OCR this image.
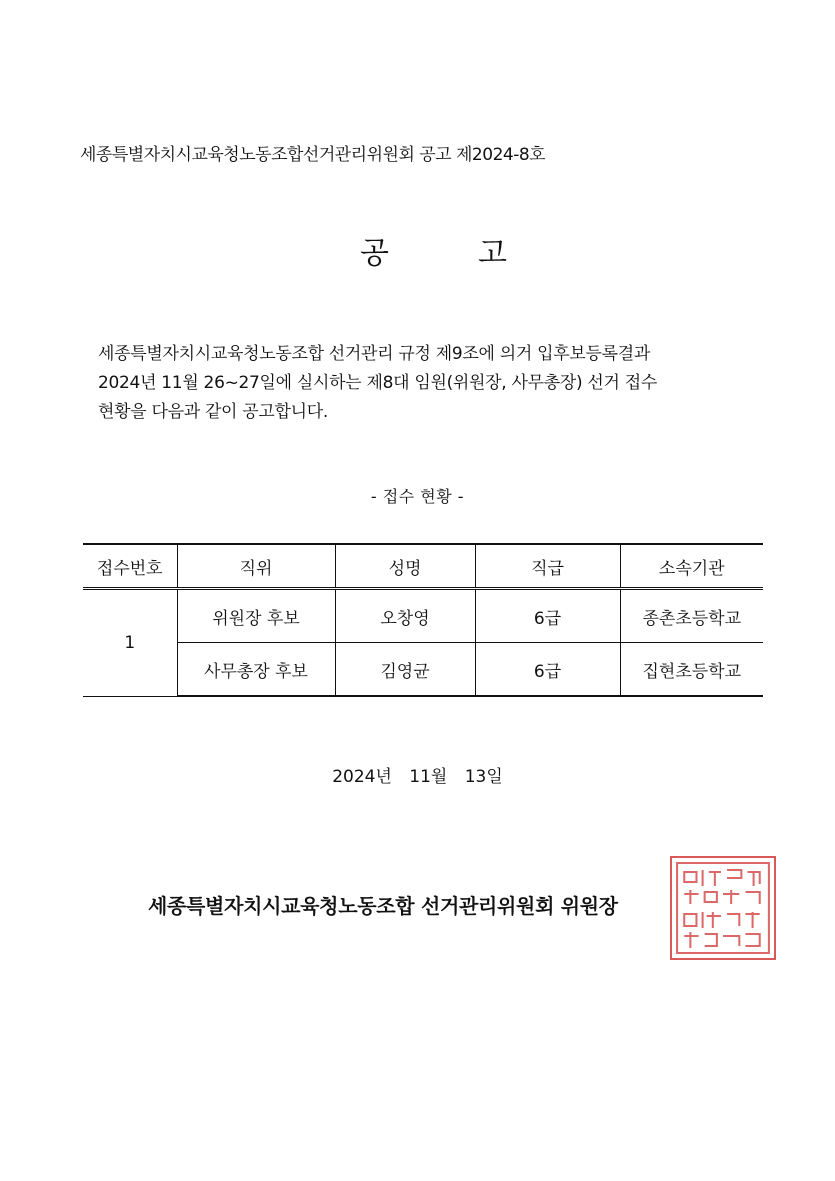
세종특별자치시교육청노동조합선거관리위원회 공고 제2024-8호
공	고
세종특별자치시교육청노동조합 선거관리 규정 제9조에 의거 입후보등록결과
2024년 11월 26~27일에 실시하는 제8대 임원(위원장, 사무총장) 선거 접수
현황을 다음과 같이 공고합니다.
- 접수 현황 -
접수번호	직위	성명	직급	소속기관
1	위원장 후보	오창영	6급	종촌초등학교
	사무총장 후보	김영균	6급	집현초등학교
2024년 11월 13일
세종특별자치시교육청노동조합 선거관리위원회 위원장
